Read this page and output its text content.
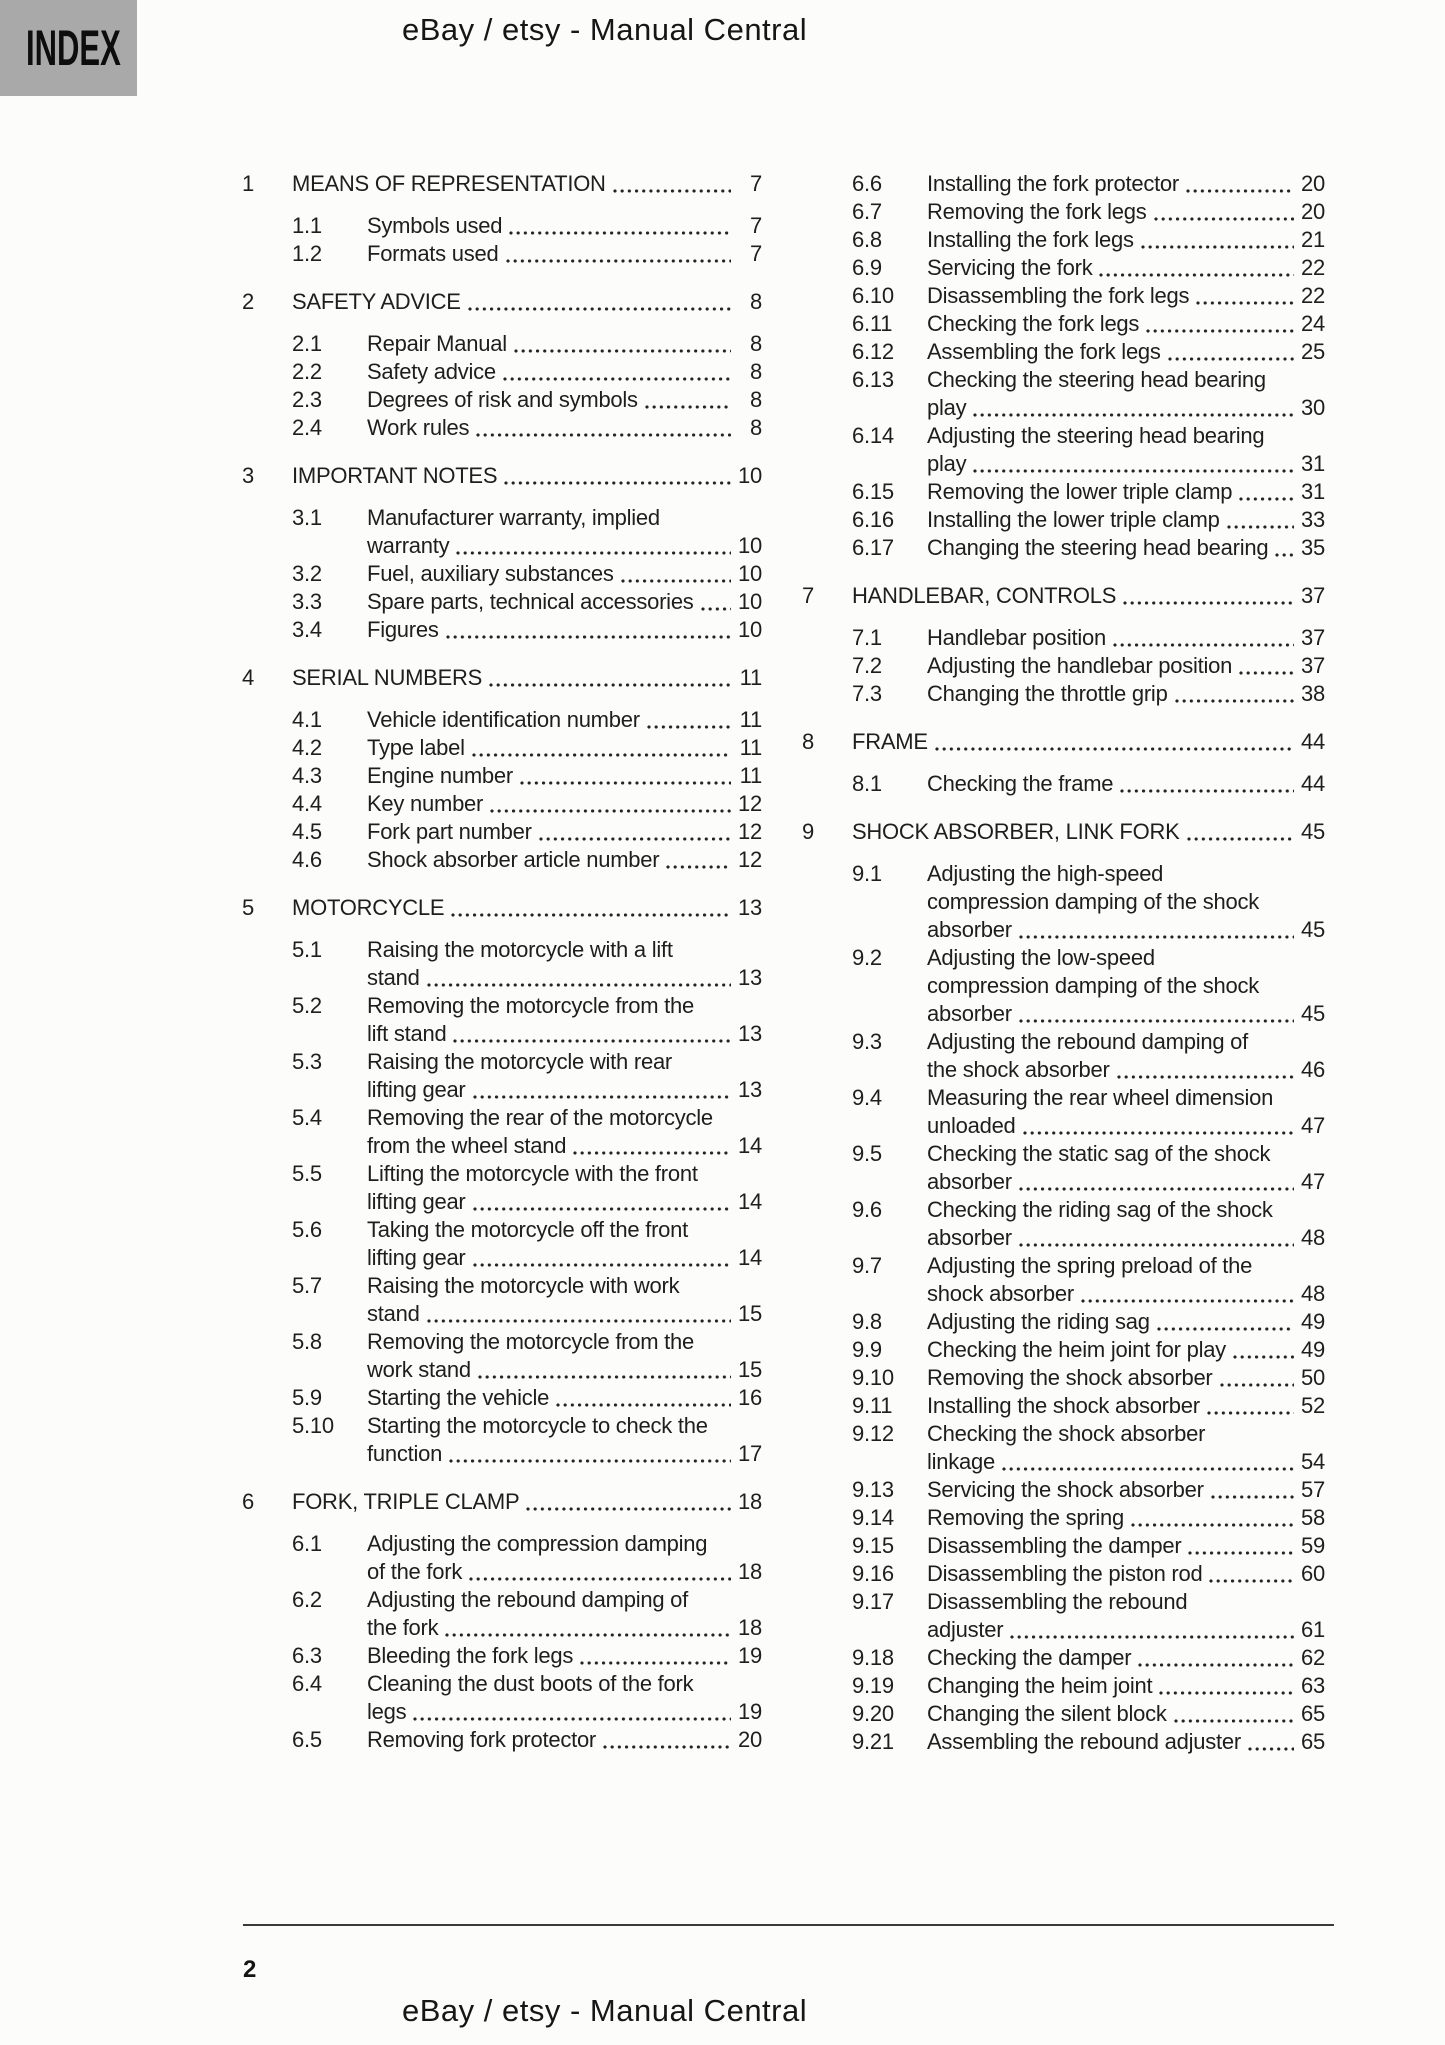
INDEX	eBay / etsy - Manual Central
1	MEANS OF REPRESENTATION	7
1.1	Symbols used	7
1.2	Formats used	7
2	SAFETY ADVICE	8
2.1	Repair Manual	8
2.2	Safety advice	8
2.3	Degrees of risk and symbols	8
2.4	Work rules	8
3	IMPORTANT NOTES	10
3.1	Manufacturer warranty, implied
warranty	10
3.2	Fuel, auxiliary substances	10
3.3	Spare parts, technical accessories 10
3.4	Figures	10
4	SERIAL NUMBERS	11
4.1	Vehicle identification number	11
4.2	Type label	11
4.3	Engine number	11
4.4	Key number	12
4.5	Fork part number	12
4.6	Shock absorber article number	12
5	MOTORCYCLE	13
5.1	Raising the motorcycle with a lift
stand	13
5.2	Removing the motorcycle from the
lift stand	13
5.3	Raising the motorcycle with rear
lifting gear	13
5.4	Removing the rear of the motorcycle
from the wheel stand	14
5.5	Lifting the motorcycle with the front
lifting gear	14
5.6	Taking the motorcycle off the front
lifting gear	14
5.7	Raising the motorcycle with work
stand	15
5.8	Removing the motorcycle from the
work stand	15
5.9	Starting the vehicle	16
5.10	Starting the motorcycle to check the
function	17
6	FORK, TRIPLE CLAMP	18
6.1	Adjusting the compression damping
of the fork	18
6.2	Adjusting the rebound damping of
the fork	18
6.3	Bleeding the fork legs	19
6.4	Cleaning the dust boots of the fork
legs	19
6.5	Removing fork protector	20
6.6	Installing the fork protector	20
6.7	Removing the fork legs	20
6.8	Installing the fork legs	21
6.9	Servicing the fork	22
6.10	Disassembling the fork legs	22
6.11	Checking the fork legs	24
6.12	Assembling the fork legs	25
6.13	Checking the steering head bearing
play	30
6.14	Adjusting the steering head bearing
play	31
6.15	Removing the lower triple clamp	31
6.16	Installing the lower triple clamp	33
6.17	Changing the steering head bearing 35
7	HANDLEBAR, CONTROLS	37
7.1	Handlebar position	37
7.2	Adjusting the handlebar position	37
7.3	Changing the throttle grip	38
8	FRAME	44
8.1	Checking the frame	44
9	SHOCK ABSORBER, LINK FORK	45
9.1	Adjusting the high-speed
compression damping of the shock
absorber	45
9.2	Adjusting the low-speed
compression damping of the shock
absorber	45
9.3	Adjusting the rebound damping of
the shock absorber	46
9.4	Measuring the rear wheel dimension
unloaded	47
9.5	Checking the static sag of the shock
absorber	47
9.6	Checking the riding sag of the shock
absorber	48
9.7	Adjusting the spring preload of the
shock absorber	48
9.8	Adjusting the riding sag	49
9.9	Checking the heim joint for play	49
9.10	Removing the shock absorber	50
9.11	Installing the shock absorber	52
9.12	Checking the shock absorber
linkage	54
9.13	Servicing the shock absorber	57
9.14	Removing the spring	58
9.15	Disassembling the damper	59
9.16	Disassembling the piston rod	60
9.17	Disassembling the rebound
adjuster	61
9.18	Checking the damper	62
9.19	Changing the heim joint	63
9.20	Changing the silent block	65
9.21	Assembling the rebound adjuster	65
2
eBay / etsy - Manual Central
